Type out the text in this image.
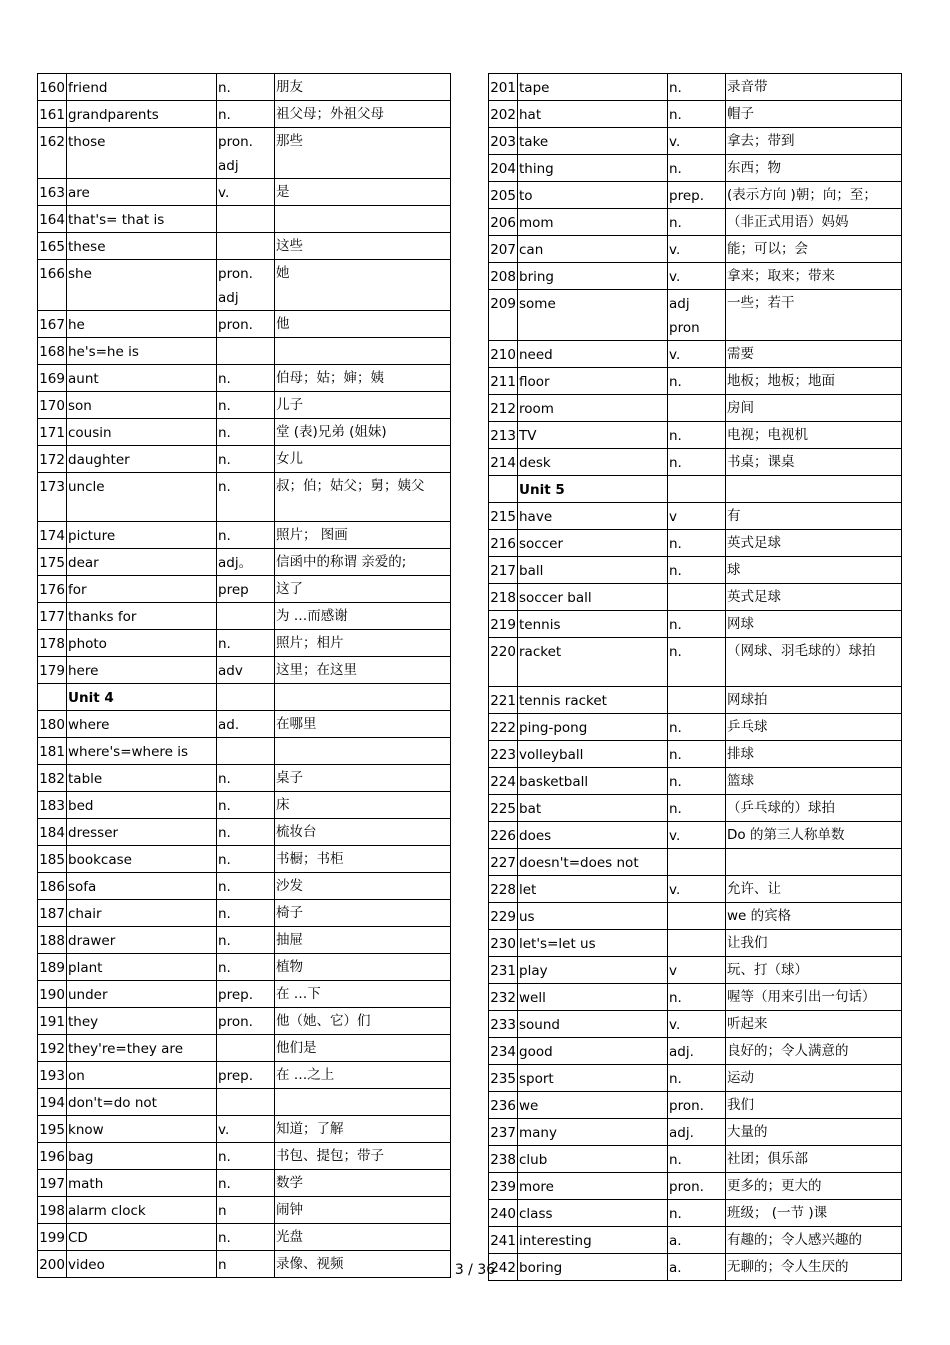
160	friend	n.	朋友
161	grandparents	n.	祖父母；外祖父母
162	those	pron. adj	那些
163	are	v.	是
164	that's= that is		
165	these		这些
166	she	pron. adj	她
167	he	pron.	他
168	he's=he is		
169	aunt	n.	伯母；姑；婶；姨
170	son	n.	儿子
171	cousin	n.	堂 (表)兄弟 (姐妹)
172	daughter	n.	女儿
173	uncle	n.	叔；伯；姑父；舅；姨父
174	picture	n.	照片； 图画
175	dear	adj。	信函中的称谓 亲爱的;
176	for	prep	这了
177	thanks for		为 …而感谢
178	photo	n.	照片；相片
179	here	adv	这里；在这里
	Unit 4		
180	where	ad.	在哪里
181	where's=where is		
182	table	n.	桌子
183	bed	n.	床
184	dresser	n.	梳妆台
185	bookcase	n.	书橱；书柜
186	sofa	n.	沙发
187	chair	n.	椅子
188	drawer	n.	抽屉
189	plant	n.	植物
190	under	prep.	在 …下
191	they	pron.	他（她、它）们
192	they're=they are		他们是
193	on	prep.	在 …之上
194	don't=do not		
195	know	v.	知道；了解
196	bag	n.	书包、提包；带子
197	math	n.	数学
198	alarm clock	n	闹钟
199	CD	n.	光盘
200	video	n	录像、视频
201	tape	n.	录音带
202	hat	n.	帽子
203	take	v.	拿去；带到
204	thing	n.	东西；物
205	to	prep.	(表示方向 )朝；向；至；
206	mom	n.	（非正式用语）妈妈
207	can	v.	能；可以；会
208	bring	v.	拿来；取来；带来
209	some	adj pron	一些；若干
210	need	v.	需要
211	floor	n.	地板；地板；地面
212	room		房间
213	TV	n.	电视；电视机
214	desk	n.	书桌；课桌
	Unit 5		
215	have	v	有
216	soccer	n.	英式足球
217	ball	n.	球
218	soccer ball		英式足球
219	tennis	n.	网球
220	racket	n.	（网球、羽毛球的）球拍
221	tennis racket		网球拍
222	ping-pong	n.	乒乓球
223	volleyball	n.	排球
224	basketball	n.	篮球
225	bat	n.	（乒乓球的）球拍
226	does	v.	Do 的第三人称单数
227	doesn't=does not		
228	let	v.	允许、让
229	us		we 的宾格
230	let's=let us		让我们
231	play	v	玩、打（球）
232	well	n.	喔等（用来引出一句话）
233	sound	v.	听起来
234	good	adj.	良好的；令人满意的
235	sport	n.	运动
236	we	pron.	我们
237	many	adj.	大量的
238	club	n.	社团；俱乐部
239	more	pron.	更多的；更大的
240	class	n.	班级； (一节 )课
241	interesting	a.	有趣的；令人感兴趣的
242	boring	a.	无聊的；令人生厌的
3 / 36
